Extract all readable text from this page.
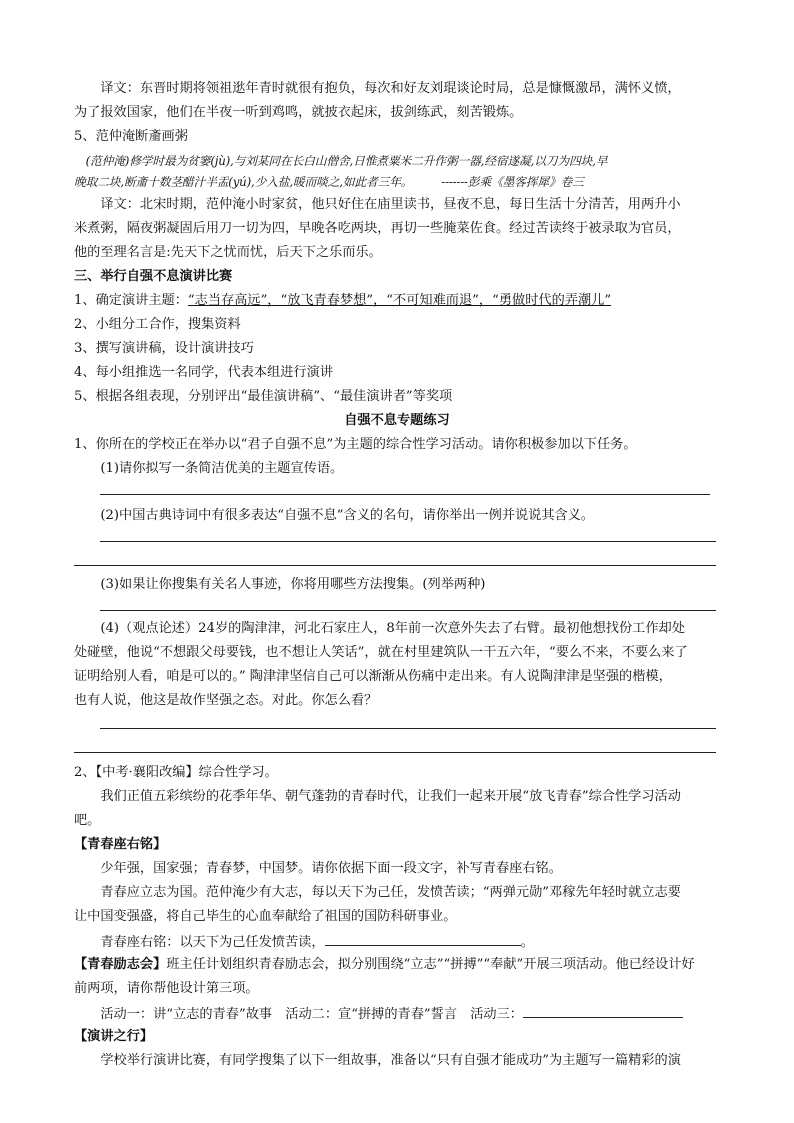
　　译文：东晋时期将领祖逖年青时就很有抱负，每次和好友刘琨谈论时局，总是慷慨激昂，满怀义愤，
为了报效国家，他们在半夜一听到鸡鸣，就披衣起床，拔剑练武，刻苦锻炼。
5、范仲淹断齑画粥
　(范仲淹)修学时最为贫窭(jù),与刘某同在长白山僧舍,日惟煮粟米二升作粥一器,经宿遂凝,以刀为四块,早
晚取二块,断齑十数茎醋汁半盂(yú),少入盐,暖而啖之,如此者三年。　　　-------彭乘《墨客挥犀》卷三
　　译文：北宋时期，范仲淹小时家贫，他只好住在庙里读书，昼夜不息，每日生活十分清苦，用两升小
米煮粥，隔夜粥凝固后用刀一切为四，早晚各吃两块，再切一些腌菜佐食。经过苦读终于被录取为官员，
他的至理名言是:先天下之忧而忧，后天下之乐而乐。
三、举行自强不息演讲比赛
1、确定演讲主题：“志当存高远”，“放飞青春梦想”，“不可知难而退”，“勇做时代的弄潮儿”
2、小组分工合作，搜集资料
3、撰写演讲稿，设计演讲技巧
4、每小组推选一名同学，代表本组进行演讲
5、根据各组表现，分别评出“最佳演讲稿”、“最佳演讲者”等奖项
自强不息专题练习
1、你所在的学校正在举办以“君子自强不息”为主题的综合性学习活动。请你积极参加以下任务。
　　(1)请你拟写一条简洁优美的主题宣传语。
　　(2)中国古典诗词中有很多表达“自强不息”含义的名句，请你举出一例并说说其含义。
　　(3)如果让你搜集有关名人事迹，你将用哪些方法搜集。(列举两种)
　　(4)（观点论述）24岁的陶津津，河北石家庄人，8年前一次意外失去了右臂。最初他想找份工作却处
处碰壁，他说“不想跟父母要钱，也不想让人笑话”，就在村里建筑队一干五六年，“要么不来，不要么来了
证明给别人看，咱是可以的。” 陶津津坚信自己可以渐渐从伤痛中走出来。有人说陶津津是坚强的楷模，
也有人说，他这是故作坚强之态。对此。你怎么看？
2、【中考·襄阳改编】综合性学习。
　　我们正值五彩缤纷的花季年华、朝气蓬勃的青春时代，让我们一起来开展“放飞青春”综合性学习活动
吧。
【青春座右铭】
　　少年强，国家强；青春梦，中国梦。请你依据下面一段文字，补写青春座右铭。
　　青春应立志为国。范仲淹少有大志，每以天下为己任，发愤苦读；“两弹元勋”邓稼先年轻时就立志要
让中国变强盛，将自己毕生的心血奉献给了祖国的国防科研事业。
　　青春座右铭：以天下为己任发愤苦读，	。
【青春励志会】班主任计划组织青春励志会，拟分别围绕“立志”“拼搏”“奉献”开展三项活动。他已经设计好
前两项，请你帮他设计第三项。
　　活动一：讲“立志的青春”故事　活动二：宣“拼搏的青春”誓言　活动三：
【演讲之行】
　　学校举行演讲比赛，有同学搜集了以下一组故事，准备以“只有自强才能成功”为主题写一篇精彩的演
